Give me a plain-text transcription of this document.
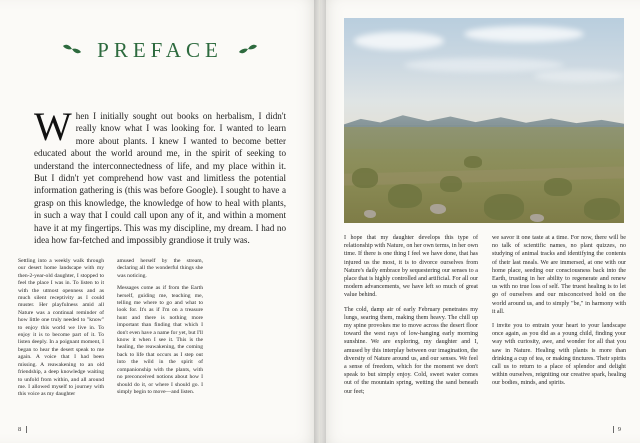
PREFACE
When I initially sought out books on herbalism, I didn't really know what I was looking for. I wanted to learn more about plants. I knew I wanted to become better educated about the world around me, in the spirit of seeking to understand the interconnectedness of life, and my place within it. But I didn't yet comprehend how vast and limitless the potential information gathering is (this was before Google). I sought to have a grasp on this knowledge, the knowledge of how to heal with plants, in such a way that I could call upon any of it, and within a moment have it at my fingertips. This was my discipline, my dream. I had no idea how far-fetched and impossibly grandiose it truly was.

Settling into a weekly walk through our desert home landscape with my then-2-year-old daughter, I stopped to feel the place I was in. To listen to it with the utmost openness and as much silent receptivity as I could muster. Her playfulness amid all Nature was a continual reminder of how little one truly needed to "know" to enjoy this world we live in. To enjoy it is to become part of it. To listen deeply. In a poignant moment, I began to hear the desert speak to me again. A voice that I had been missing. A reawakening to an old friendship, a deep knowledge waiting to unfold from within, and all around me. I allowed myself to journey with this voice as my daughter

amused herself by the stream, declaring all the wonderful things she was noticing.

Messages come as if from the Earth herself, guiding me, teaching me, telling me where to go and what to look for. It's as if I'm on a treasure hunt and there is nothing more important than finding that which I don't even have a name for yet, but I'll know it when I see it. This is the healing, the reawakening, the coming back to life that occurs as I step out into the wild in the spirit of companionship with the plants, with no preconceived notions about how I should do it, or where I should go. I simply begin to move—and listen.

8

I hope that my daughter develops this type of relationship with Nature, on her own terms, in her own time. If there is one thing I feel we have done, that has injured us the most, it is to divorce ourselves from Nature's daily embrace by sequestering our senses to a place that is highly controlled and artificial. For all our modern advancements, we have left so much of great value behind.

The cold, damp air of early February penetrates my lungs, searing them, making them heavy. The chill up my spine provokes me to move across the desert floor toward the west rays of low-hanging early morning sunshine. We are exploring, my daughter and I, amused by this interplay between our imagination, the diversity of Nature around us, and our senses. We feel a sense of freedom, which for the moment we don't speak to but simply enjoy. Cold, sweet water comes out of the mountain spring, wetting the sand beneath our feet;

we savor it one taste at a time. For now, there will be no talk of scientific names, no plant quizzes, no studying of animal tracks and identifying the contents of their last meals. We are immersed, at one with our home place, seeding our consciousness back into the Earth, trusting in her ability to regenerate and renew us with no true loss of self. The truest healing is to let go of ourselves and our misconceived hold on the world around us, and to simply "be," in harmony with it all.

I invite you to entrain your heart to your landscape once again, as you did as a young child, finding your way with curiosity, awe, and wonder for all that you saw in Nature. Healing with plants is more than drinking a cup of tea, or making tinctures. Their spirits call us to return to a place of splendor and delight within ourselves, reigniting our creative spark, healing our bodies, minds, and spirits.

9
